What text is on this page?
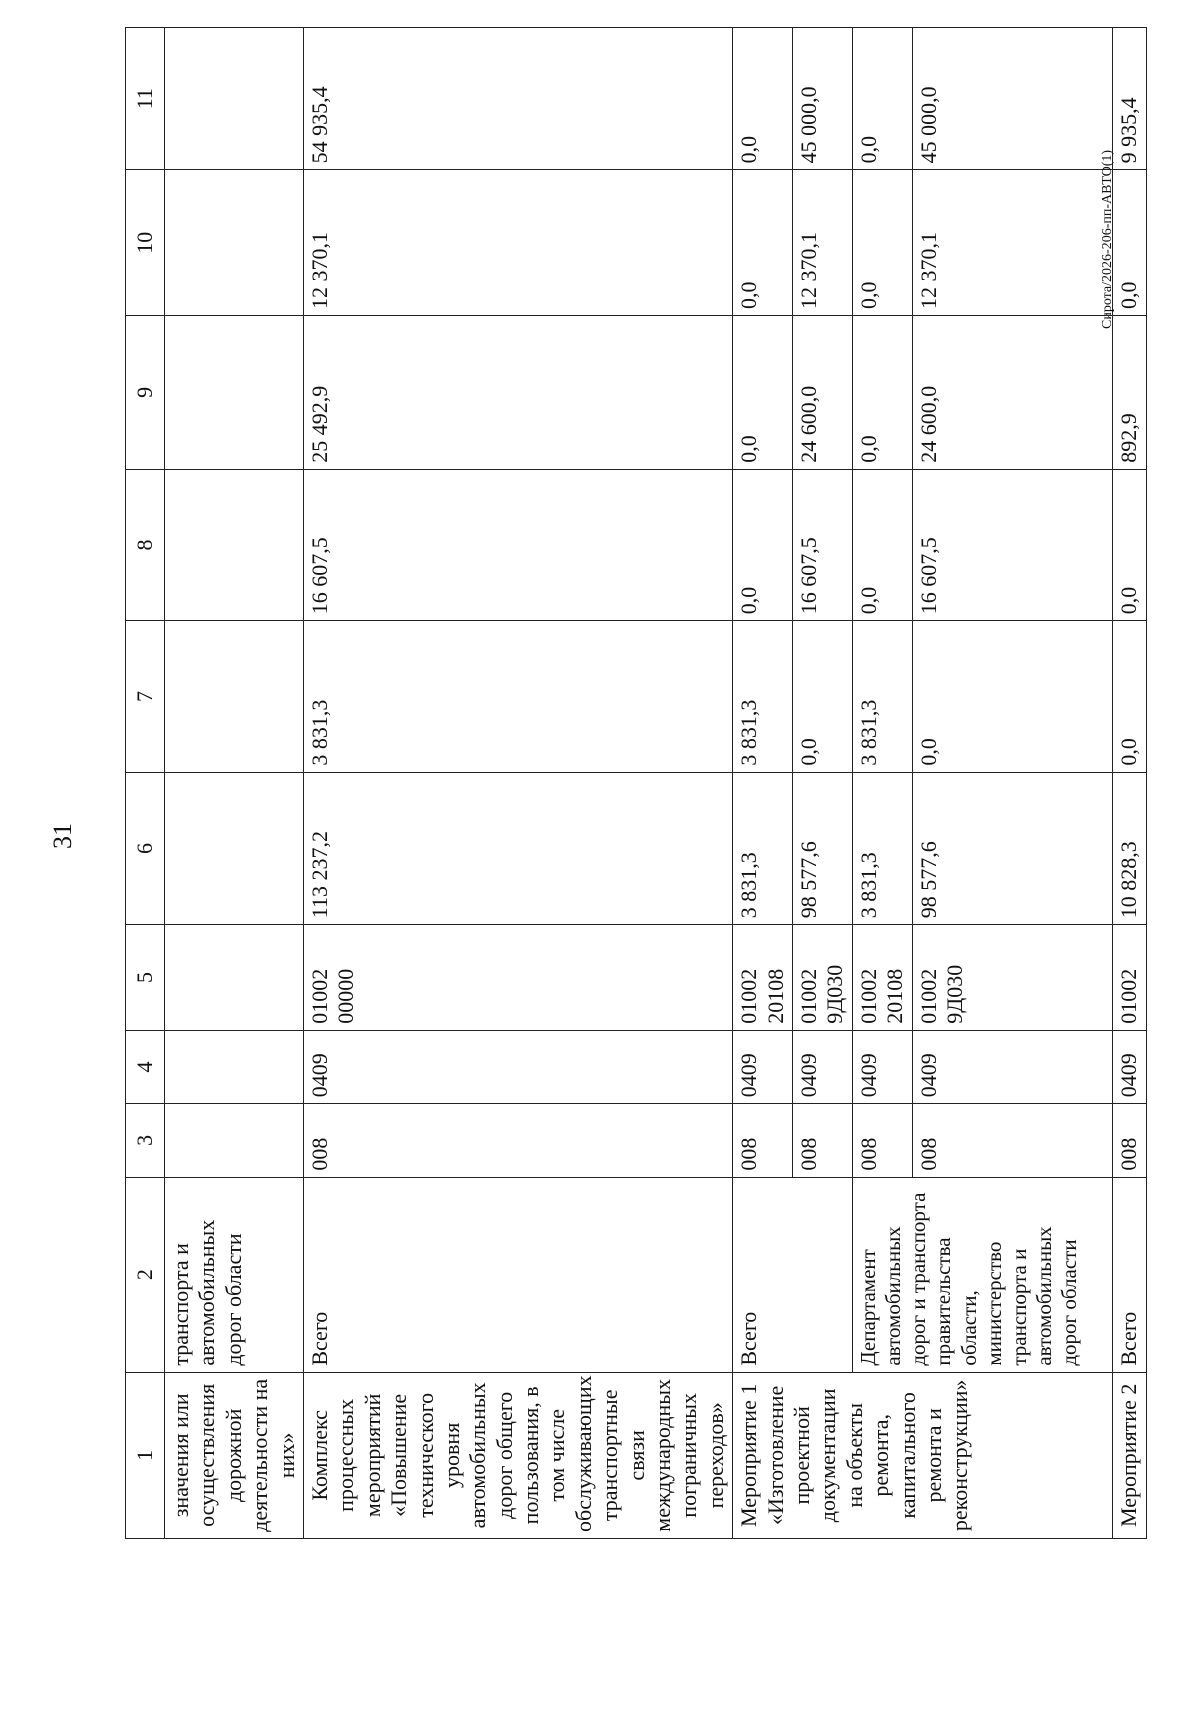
31
1	2	3	4	5	6	7	8	9	10	11
значения или осуществления дорожной деятельности на них»	транспорта и автомобильных дорог области									
Комплекс процессных мероприятий «Повышение технического уровня автомобильных дорог общего пользования, в том числе обслуживающих транспортные связи международных пограничных переходов»	Всего	008	0409	01002 00000	113 237,2	3 831,3	16 607,5	25 492,9	12 370,1	54 935,4
Мероприятие 1 «Изготовление проектной документации на объекты ремонта, капитального ремонта и реконструкции»	Всего	008	0409	01002 20108	3 831,3	3 831,3	0,0	0,0	0,0	0,0
		008	0409	01002 9Д030	98 577,6	0,0	16 607,5	24 600,0	12 370,1	45 000,0
	Департамент автомобильных дорог и транспорта правительства области, министерство транспорта и автомобильных дорог области	008	0409	01002 20108	3 831,3	3 831,3	0,0	0,0	0,0	0,0
		008	0409	01002 9Д030	98 577,6	0,0	16 607,5	24 600,0	12 370,1	45 000,0
Мероприятие 2	Всего	008	0409	01002	10 828,3	0,0	0,0	892,9	0,0	9 935,4
Сирота/2026-206-пп-АВТО(1)
